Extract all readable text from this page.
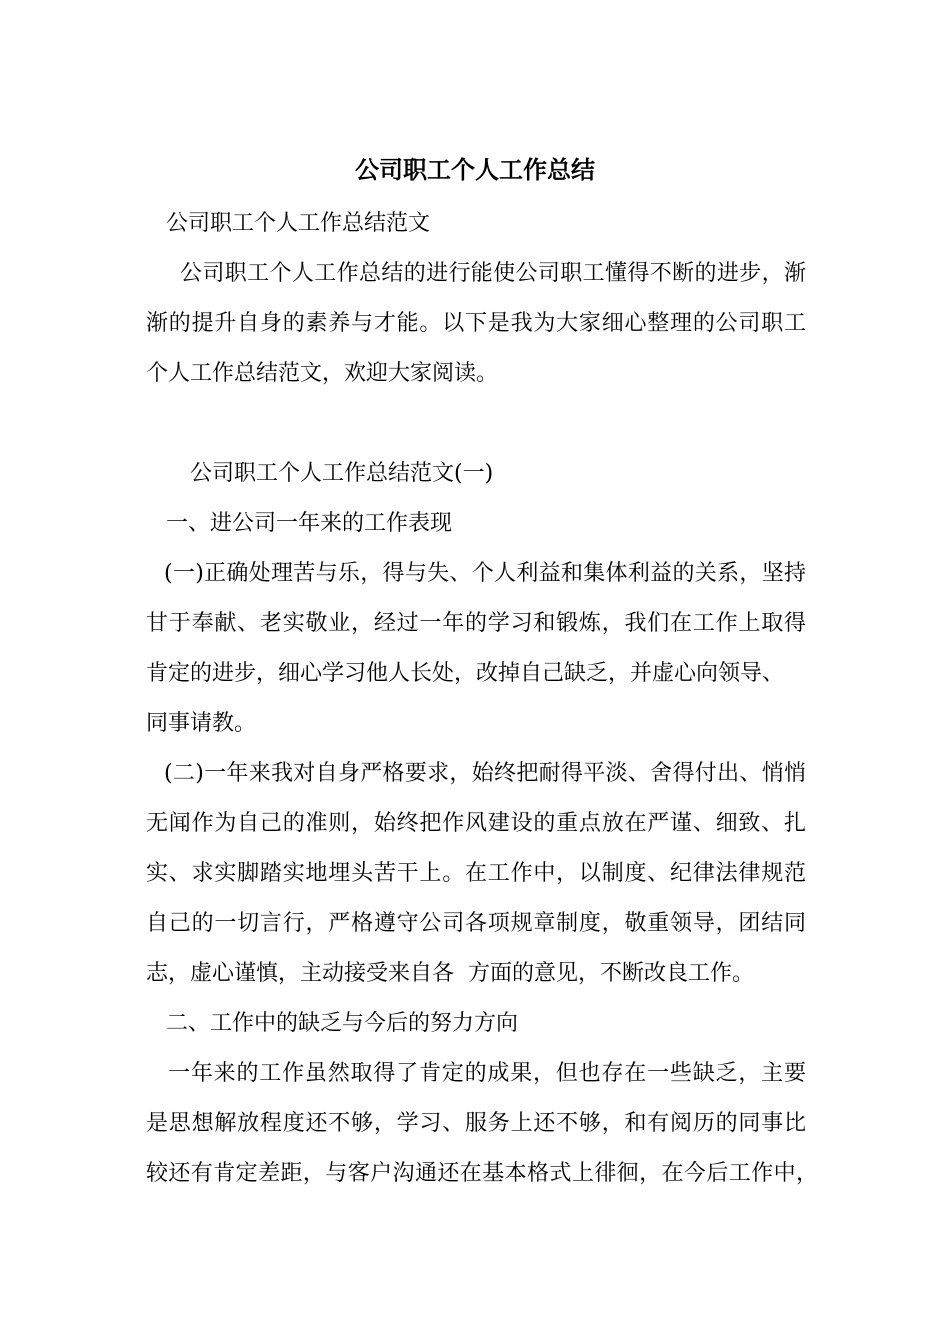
公司职工个人工作总结

公司职工个人工作总结范文

公司职工个人工作总结的进行能使公司职工懂得不断的进步，渐

渐的提升自身的素养与才能。以下是我为大家细心整理的公司职工

个人工作总结范文，欢迎大家阅读。

公司职工个人工作总结范文(一)

一、进公司一年来的工作表现

(一)正确处理苦与乐，得与失、个人利益和集体利益的关系，坚持

甘于奉献、老实敬业，经过一年的学习和锻炼，我们在工作上取得

肯定的进步，细心学习他人长处，改掉自己缺乏，并虚心向领导、

同事请教。

(二)一年来我对自身严格要求，始终把耐得平淡、舍得付出、悄悄

无闻作为自己的准则，始终把作风建设的重点放在严谨、细致、扎

实、求实脚踏实地埋头苦干上。在工作中，以制度、纪律法律规范

自己的一切言行，严格遵守公司各项规章制度，敬重领导，团结同

志，虚心谨慎，主动接受来自各  方面的意见，不断改良工作。

二、工作中的缺乏与今后的努力方向

一年来的工作虽然取得了肯定的成果，但也存在一些缺乏，主要

是思想解放程度还不够，学习、服务上还不够，和有阅历的同事比

较还有肯定差距，与客户沟通还在基本格式上徘徊，在今后工作中，
